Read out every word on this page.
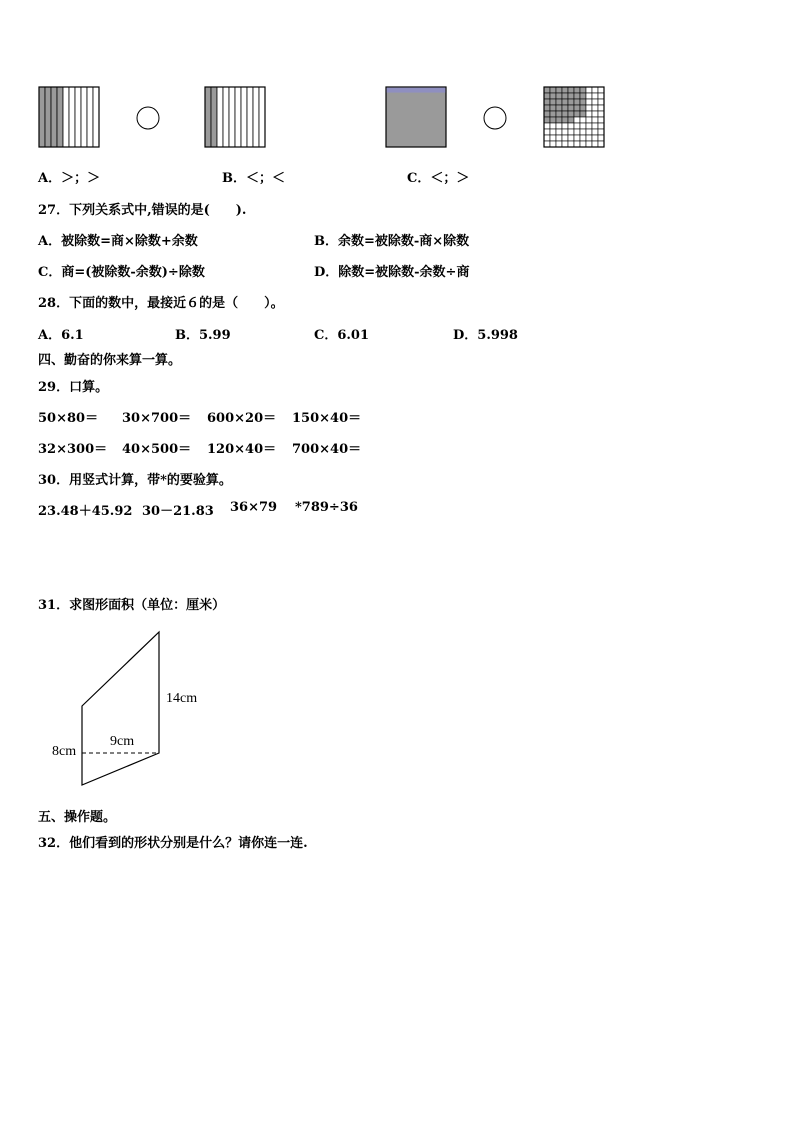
A．＞；＞	B．＜；＜	C．＜；＞
27．下列关系式中,错误的是(　　).
A．被除数=商×除数+余数	B．余数=被除数-商×除数
C．商=(被除数-余数)÷除数	D．除数=被除数-余数÷商
28．下面的数中，最接近６的是（　　）。
A．6.1	B．5.99	C．6.01	D．5.998
四、勤奋的你来算一算。
29．口算。
50×80＝ 30×700＝ 600×20＝ 150×40＝
32×300＝ 40×500＝ 120×40＝ 700×40＝
30．用竖式计算，带*的要验算。
23.48＋45.92 30－21.83 36×79 *789÷36
31．求图形面积（单位：厘米）
14cm
9cm
8cm
五、操作题。
32．他们看到的形状分别是什么？请你连一连.
